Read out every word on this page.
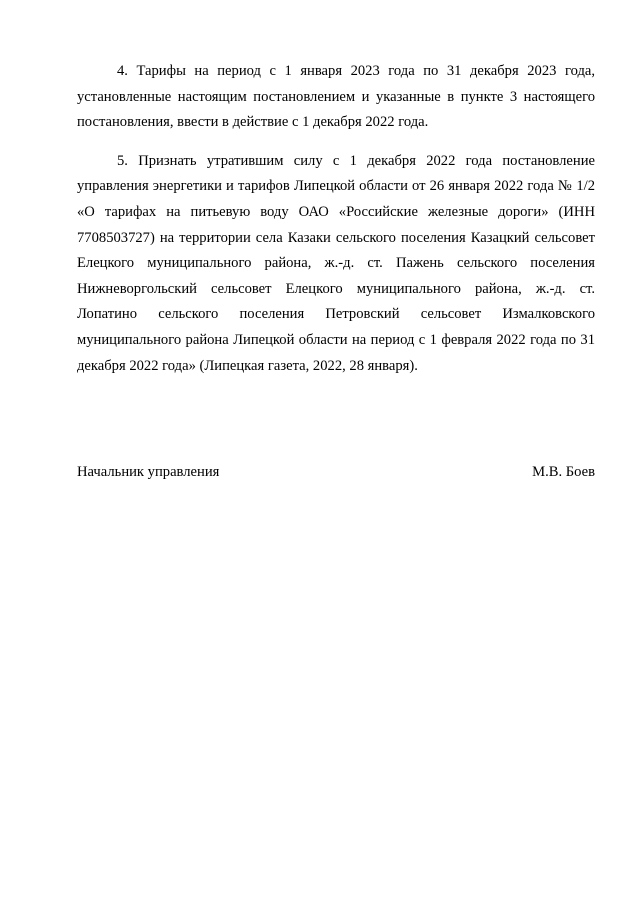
4. Тарифы на период с 1 января 2023 года по 31 декабря 2023 года, установленные настоящим постановлением и указанные в пункте 3 настоящего постановления, ввести в действие с 1 декабря 2022 года.

5. Признать утратившим силу с 1 декабря 2022 года постановление управления энергетики и тарифов Липецкой области от 26 января 2022 года № 1/2 «О тарифах на питьевую воду ОАО «Российские железные дороги» (ИНН 7708503727) на территории села Казаки сельского поселения Казацкий сельсовет Елецкого муниципального района, ж.-д. ст. Пажень сельского поселения Нижневоргольский сельсовет Елецкого муниципального района, ж.-д. ст. Лопатино сельского поселения Петровский сельсовет Измалковского муниципального района Липецкой области на период с 1 февраля 2022 года по 31 декабря 2022 года» (Липецкая газета, 2022, 28 января).

Начальник управления	М.В. Боев
